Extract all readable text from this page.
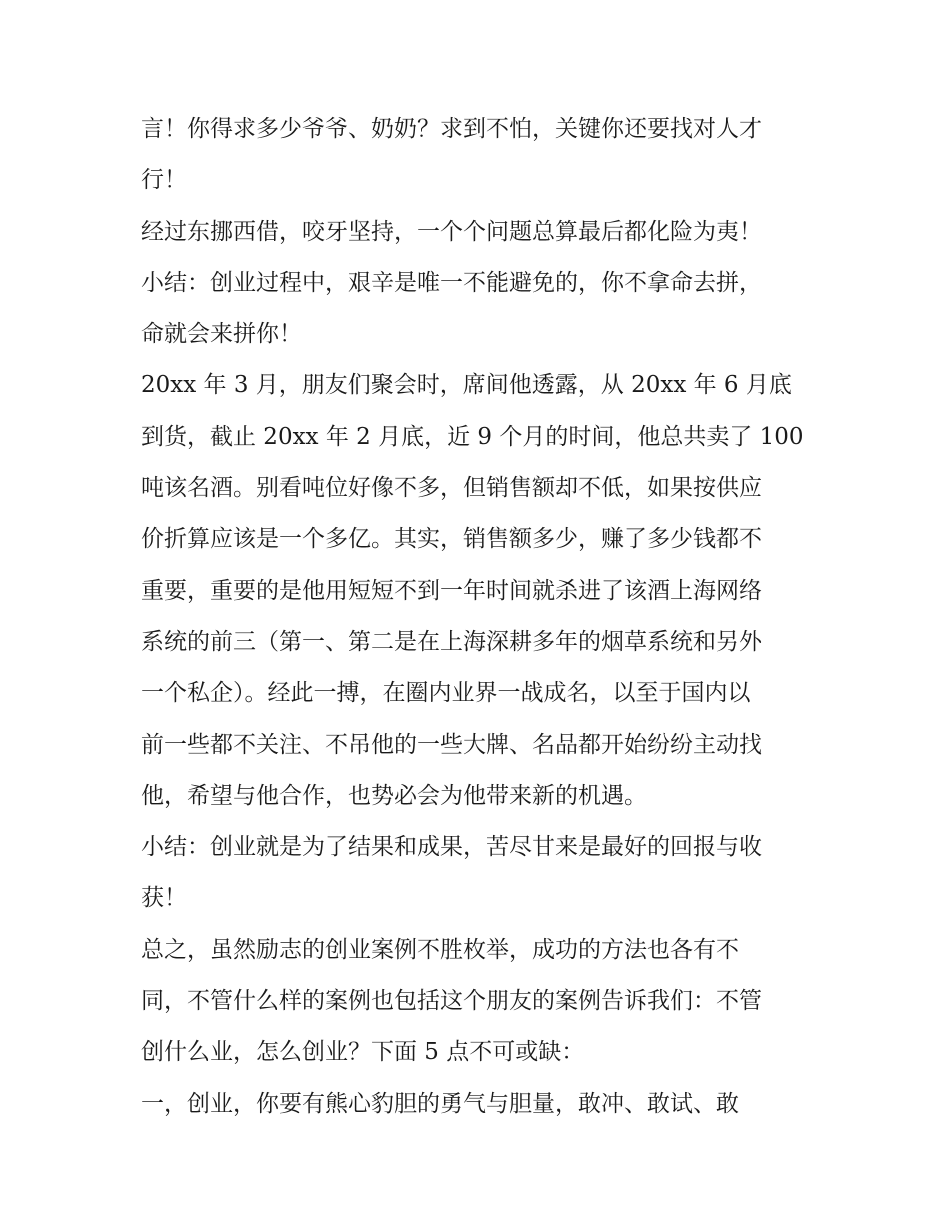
言！你得求多少爷爷、奶奶？求到不怕，关键你还要找对人才
行！
经过东挪西借，咬牙坚持，一个个问题总算最后都化险为夷！
小结：创业过程中，艰辛是唯一不能避免的，你不拿命去拼，
命就会来拼你！
20xx 年 3 月，朋友们聚会时，席间他透露，从 20xx 年 6 月底
到货，截止 20xx 年 2 月底，近 9 个月的时间，他总共卖了 100
吨该名酒。别看吨位好像不多，但销售额却不低，如果按供应
价折算应该是一个多亿。其实，销售额多少，赚了多少钱都不
重要，重要的是他用短短不到一年时间就杀进了该酒上海网络
系统的前三（第一、第二是在上海深耕多年的烟草系统和另外
一个私企）。经此一搏，在圈内业界一战成名，以至于国内以
前一些都不关注、不吊他的一些大牌、名品都开始纷纷主动找
他，希望与他合作，也势必会为他带来新的机遇。
小结：创业就是为了结果和成果，苦尽甘来是最好的回报与收
获！
总之，虽然励志的创业案例不胜枚举，成功的方法也各有不
同，不管什么样的案例也包括这个朋友的案例告诉我们：不管
创什么业，怎么创业？下面 5 点不可或缺：
一，创业，你要有熊心豹胆的勇气与胆量，敢冲、敢试、敢
